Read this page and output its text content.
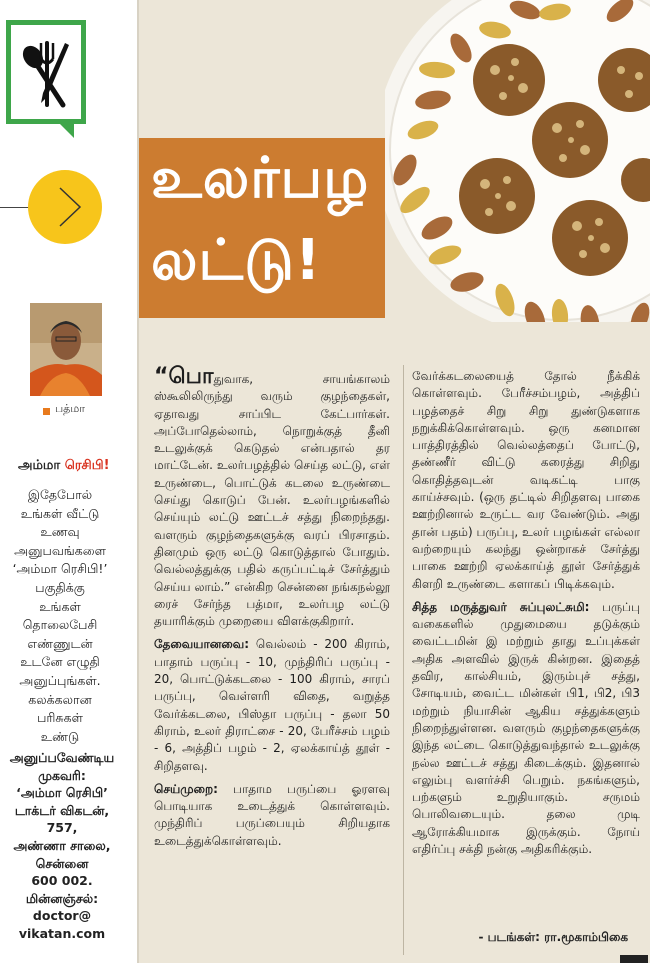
பத்மா
அம்மா ரெசிபி!
இதேபோல்
உங்கள் வீட்டு
உணவு
அனுபவங்களை
‘அம்மா ரெசிபி!’
பகுதிக்கு
உங்கள்
தொலைபேசி
எண்ணுடன்
உடனே எழுதி
அனுப்புங்கள்.
கலக்கலான
பரிசுகள்
உண்டு
அனுப்பவேண்டிய
முகவரி:
‘அம்மா ரெசிபி’
டாக்டர் விகடன்,
757,
அண்ணா சாலை,
சென்னை
600 002.
மின்னஞ்சல்:
doctor@
vikatan.com
உலர்பழ
லட்டு!

“பொதுவாக, சாயங்காலம் ஸ்கூலிலிருந்து வரும் குழந்தைகள், ஏதாவது சாப்பிட கேட்பார்கள். அப்போதெல்லாம், நொறுக்குத் தீனி உடலுக்குக் கெடுதல் என்பதால் தர மாட்டேன். உலர்பழத்தில் செய்த லட்டு, எள் உருண்டை, பொட்டுக் கடலை உருண்டை செய்து கொடுப் பேன். உலர்பழங்களில் செய்யும் லட்டு ஊட்டச் சத்து நிறைந்தது. வளரும் குழந்தைகளுக்கு வரப் பிரசாதம். தினமும் ஒரு லட்டு கொடுத்தால் போதும். வெல்லத்துக்கு பதில் கருப்பட்டிச் சேர்த்தும் செய்ய லாம்.” என்கிற சென்னை நங்கநல்லூ ரைச் சேர்ந்த பத்மா, உலர்பழ லட்டு தயாரிக்கும் முறையை விளக்குகிறார்.

தேவையானவை: வெல்லம் - 200 கிராம், பாதாம் பருப்பு - 10, முந்திரிப் பருப்பு - 20, பொட்டுக்கடலை - 100 கிராம், சாரப் பருப்பு, வெள்ளரி விதை, வறுத்த வேர்க்கடலை, பிஸ்தா பருப்பு - தலா 50 கிராம், உலர் திராட்சை - 20, பேரீச்சம் பழம் - 6, அத்திப் பழம் - 2, ஏலக்காய்த் தூள் - சிறிதளவு.

செய்முறை: பாதாம பருப்பை ஓரளவு பொடியாக உடைத்துக் கொள்ளவும். முந்திரிப் பருப்பையும் சிறியதாக உடைத்துக்கொள்ளவும்.

வேர்க்கடலையைத் தோல் நீக்கிக் கொள்ளவும். பேரீச்சம்பழம், அத்திப் பழத்தைச் சிறு சிறு துண்டுகளாக நறுக்கிக்கொள்ளவும். ஒரு கனமான பாத்திரத்தில் வெல்லத்தைப் போட்டு, தண்ணீர் விட்டு கரைத்து சிறிது கொதித்தவுடன் வடிகட்டி பாகு காய்ச்சவும். (ஒரு தட்டில் சிறிதளவு பாகை ஊற்றினால் உருட்ட வர வேண்டும். அது தான் பதம்) பருப்பு, உலர் பழங்கள் எல்லா வற்றையும் கலந்து ஒன்றாகச் சேர்த்து பாகை ஊற்றி ஏலக்காய்த் தூள் சேர்த்துக் கிளறி உருண்டை களாகப் பிடிக்கவும்.

சித்த மருத்துவர் சுப்புலட்சுமி: பருப்பு வகைகளில் முதுமையை தடுக்கும் வைட்டமின் இ மற்றும் தாது உப்புக்கள் அதிக அளவில் இருக் கின்றன. இதைத் தவிர, கால்சியம், இரும்புச் சத்து, சோடியம், வைட்ட மின்கள் பி1, பி2, பி3 மற்றும் நியாசின் ஆகிய சத்துக்களும் நிறைந்துள்ளன. வளரும் குழந்தைகளுக்கு இந்த லட்டை கொடுத்துவந்தால் உடலுக்கு நல்ல ஊட்டச் சத்து கிடைக்கும். இதனால் எலும்பு வளர்ச்சி பெறும். நகங்களும், பற்களும் உறுதியாகும். சருமம் பொலிவடையும். தலை முடி ஆரோக்கியமாக இருக்கும். நோய் எதிர்ப்பு சக்தி நன்கு அதிகரிக்கும்.

- படங்கள்: ரா.மூகாம்பிகை
